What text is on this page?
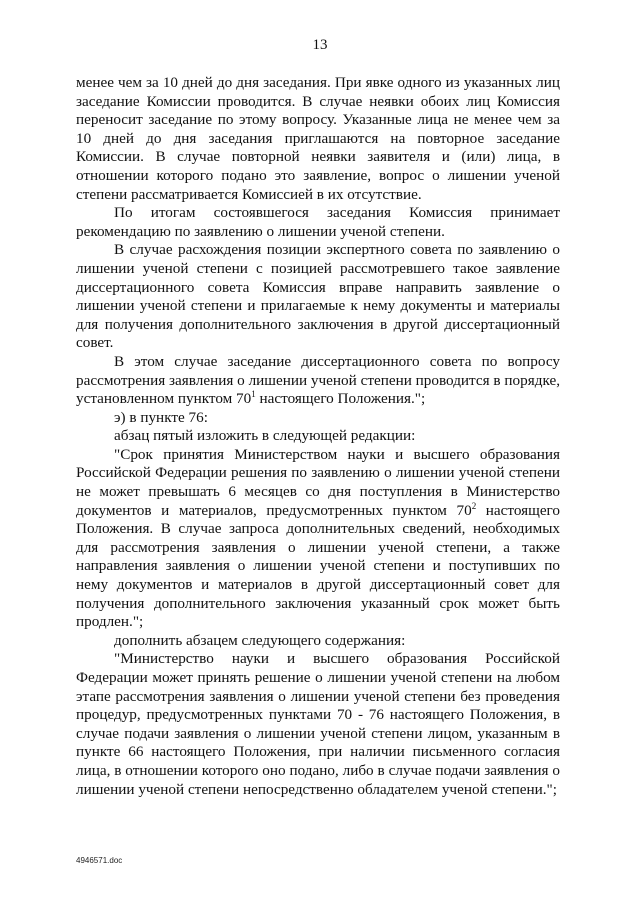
13

менее чем за 10 дней до дня заседания. При явке одного из указанных лиц заседание Комиссии проводится. В случае неявки обоих лиц Комиссия переносит заседание по этому вопросу. Указанные лица не менее чем за 10 дней до дня заседания приглашаются на повторное заседание Комиссии. В случае повторной неявки заявителя и (или) лица, в отношении которого подано это заявление, вопрос о лишении ученой степени рассматривается Комиссией в их отсутствие.

По итогам состоявшегося заседания Комиссия принимает рекомендацию по заявлению о лишении ученой степени.

В случае расхождения позиции экспертного совета по заявлению о лишении ученой степени с позицией рассмотревшего такое заявление диссертационного совета Комиссия вправе направить заявление о лишении ученой степени и прилагаемые к нему документы и материалы для получения дополнительного заключения в другой диссертационный совет.

В этом случае заседание диссертационного совета по вопросу рассмотрения заявления о лишении ученой степени проводится в порядке, установленном пунктом $70^1$ настоящего Положения.";

э) в пункте 76:

абзац пятый изложить в следующей редакции:

"Срок принятия Министерством науки и высшего образования Российской Федерации решения по заявлению о лишении ученой степени не может превышать 6 месяцев со дня поступления в Министерство документов и материалов, предусмотренных пунктом $70^2$ настоящего Положения. В случае запроса дополнительных сведений, необходимых для рассмотрения заявления о лишении ученой степени, а также направления заявления о лишении ученой степени и поступивших по нему документов и материалов в другой диссертационный совет для получения дополнительного заключения указанный срок может быть продлен.";

дополнить абзацем следующего содержания:

"Министерство науки и высшего образования Российской Федерации может принять решение о лишении ученой степени на любом этапе рассмотрения заявления о лишении ученой степени без проведения процедур, предусмотренных пунктами 70 - 76 настоящего Положения, в случае подачи заявления о лишении ученой степени лицом, указанным в пункте 66 настоящего Положения, при наличии письменного согласия лица, в отношении которого оно подано, либо в случае подачи заявления о лишении ученой степени непосредственно обладателем ученой степени.";

4946571.doc
